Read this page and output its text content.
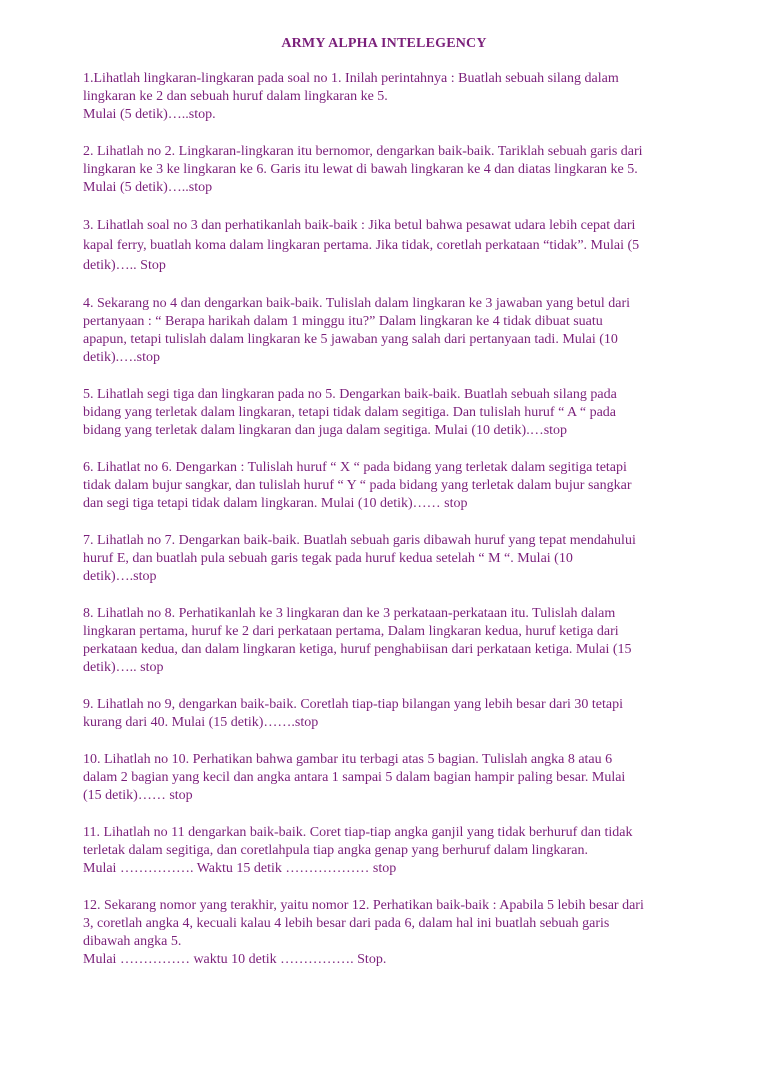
ARMY ALPHA INTELEGENCY
1.Lihatlah lingkaran-lingkaran pada soal no 1. Inilah perintahnya : Buatlah sebuah silang dalam
lingkaran ke 2 dan sebuah huruf dalam lingkaran ke 5.
Mulai (5 detik)…..stop.
2. Lihatlah no 2. Lingkaran-lingkaran itu bernomor, dengarkan baik-baik. Tariklah sebuah garis dari
lingkaran ke 3 ke lingkaran ke 6. Garis itu lewat di bawah lingkaran ke 4 dan diatas lingkaran ke 5.
Mulai (5 detik)…..stop
3. Lihatlah soal no 3 dan perhatikanlah baik-baik : Jika betul bahwa pesawat udara lebih cepat dari
kapal ferry, buatlah koma dalam lingkaran pertama. Jika tidak, coretlah perkataan “tidak”. Mulai (5
detik)….. Stop
4. Sekarang no 4 dan dengarkan baik-baik. Tulislah dalam lingkaran ke 3 jawaban yang betul dari
pertanyaan : “ Berapa harikah dalam 1 minggu itu?” Dalam lingkaran ke 4 tidak dibuat suatu
apapun, tetapi tulislah dalam lingkaran ke 5 jawaban yang salah dari pertanyaan tadi. Mulai (10
detik).….stop
5. Lihatlah segi tiga dan lingkaran pada no 5. Dengarkan baik-baik. Buatlah sebuah silang pada
bidang yang terletak dalam lingkaran, tetapi tidak dalam segitiga. Dan tulislah huruf “ A “ pada
bidang yang terletak dalam lingkaran dan juga dalam segitiga. Mulai (10 detik).…stop
6. Lihatlat no 6. Dengarkan : Tulislah huruf “ X “ pada bidang yang terletak dalam segitiga tetapi
tidak dalam bujur sangkar, dan tulislah huruf “ Y “ pada bidang yang terletak dalam bujur sangkar
dan segi tiga tetapi tidak dalam lingkaran. Mulai (10 detik)…… stop
7. Lihatlah no 7. Dengarkan baik-baik. Buatlah sebuah garis dibawah huruf yang tepat mendahului
huruf E, dan buatlah pula sebuah garis tegak pada huruf kedua setelah “ M “. Mulai (10
detik)….stop
8. Lihatlah no 8. Perhatikanlah ke 3 lingkaran dan ke 3 perkataan-perkataan itu. Tulislah dalam
lingkaran pertama, huruf ke 2 dari perkataan pertama, Dalam lingkaran kedua, huruf ketiga dari
perkataan kedua, dan dalam lingkaran ketiga, huruf penghabiisan dari perkataan ketiga. Mulai (15
detik)….. stop
9. Lihatlah no 9, dengarkan baik-baik. Coretlah tiap-tiap bilangan yang lebih besar dari 30 tetapi
kurang dari 40. Mulai (15 detik)…….stop
10. Lihatlah no 10. Perhatikan bahwa gambar itu terbagi atas 5 bagian. Tulislah angka 8 atau 6
dalam 2 bagian yang kecil dan angka antara 1 sampai 5 dalam bagian hampir paling besar. Mulai
(15 detik)…… stop
11. Lihatlah no 11 dengarkan baik-baik. Coret tiap-tiap angka ganjil yang tidak berhuruf dan tidak
terletak dalam segitiga, dan coretlahpula tiap angka genap yang berhuruf dalam lingkaran.
Mulai ……………. Waktu 15 detik ……………… stop
12. Sekarang nomor yang terakhir, yaitu nomor 12. Perhatikan baik-baik : Apabila 5 lebih besar dari
3, coretlah angka 4, kecuali kalau 4 lebih besar dari pada 6, dalam hal ini buatlah sebuah garis
dibawah angka 5.
Mulai …………… waktu 10 detik ……………. Stop.
